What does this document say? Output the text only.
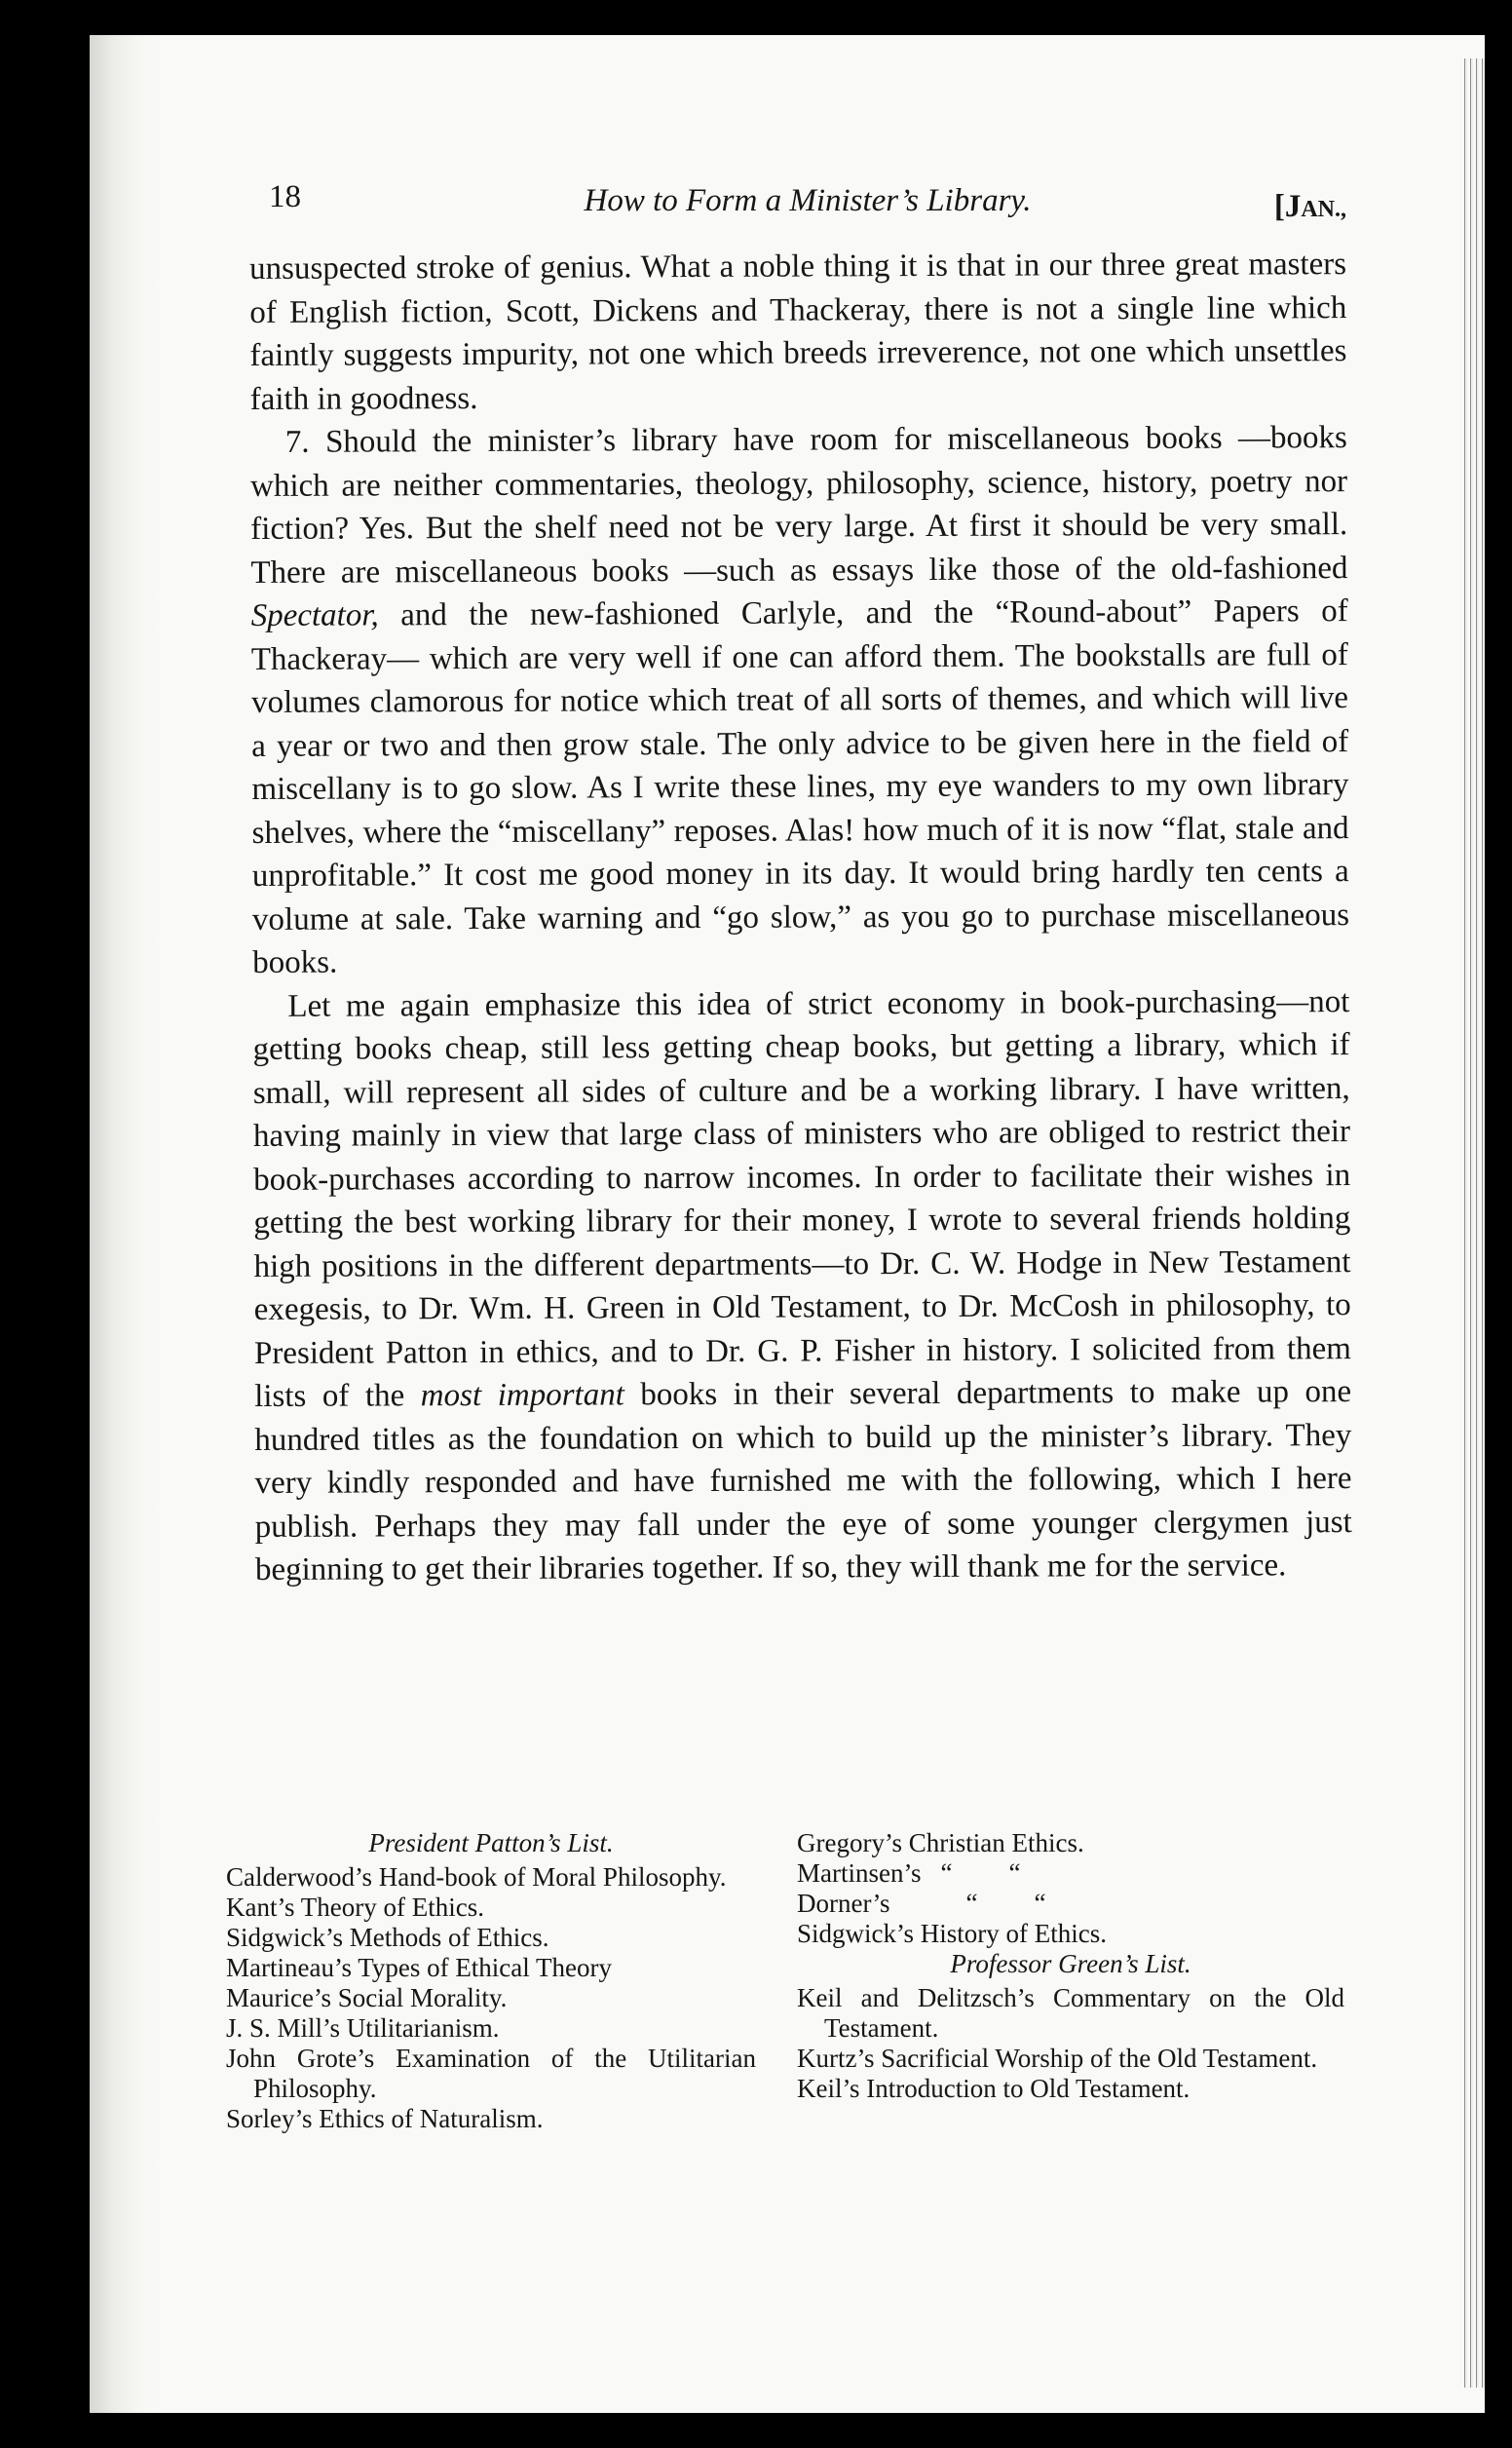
18	How to Form a Minister’s Library.	[JAN.,

unsuspected stroke of genius. What a noble thing it is that in our three great masters of English fiction, Scott, Dickens and Thackeray, there is not a single line which faintly suggests impurity, not one which breeds irreverence, not one which unsettles faith in goodness.

7. Should the minister’s library have room for miscellaneous books —books which are neither commentaries, theology, philosophy, science, history, poetry nor fiction? Yes. But the shelf need not be very large. At first it should be very small. There are miscellaneous books —such as essays like those of the old-fashioned Spectator, and the new-fashioned Carlyle, and the “Round-about” Papers of Thackeray— which are very well if one can afford them. The bookstalls are full of volumes clamorous for notice which treat of all sorts of themes, and which will live a year or two and then grow stale. The only advice to be given here in the field of miscellany is to go slow. As I write these lines, my eye wanders to my own library shelves, where the “miscellany” reposes. Alas! how much of it is now “flat, stale and unprofitable.” It cost me good money in its day. It would bring hardly ten cents a volume at sale. Take warning and “go slow,” as you go to purchase miscellaneous books.

Let me again emphasize this idea of strict economy in book-purchasing—not getting books cheap, still less getting cheap books, but getting a library, which if small, will represent all sides of culture and be a working library. I have written, having mainly in view that large class of ministers who are obliged to restrict their book-purchases according to narrow incomes. In order to facilitate their wishes in getting the best working library for their money, I wrote to several friends holding high positions in the different departments—to Dr. C. W. Hodge in New Testament exegesis, to Dr. Wm. H. Green in Old Testament, to Dr. McCosh in philosophy, to President Patton in ethics, and to Dr. G. P. Fisher in history. I solicited from them lists of the most important books in their several departments to make up one hundred titles as the foundation on which to build up the minister’s library. They very kindly responded and have furnished me with the following, which I here publish. Perhaps they may fall under the eye of some younger clergymen just beginning to get their libraries together. If so, they will thank me for the service.

President Patton’s List.
Calderwood’s Hand-book of Moral Philosophy.
Kant’s Theory of Ethics.
Sidgwick’s Methods of Ethics.
Martineau’s Types of Ethical Theory
Maurice’s Social Morality.
J. S. Mill’s Utilitarianism.
John Grote’s Examination of the Utilitarian Philosophy.
Sorley’s Ethics of Naturalism.
Gregory’s Christian Ethics.
Martinsen’s “ “
Dorner’s	“ “
Sidgwick’s History of Ethics.
Professor Green’s List.
Keil and Delitzsch’s Commentary on the Old Testament.
Kurtz’s Sacrificial Worship of the Old Testament.
Keil’s Introduction to Old Testament.
